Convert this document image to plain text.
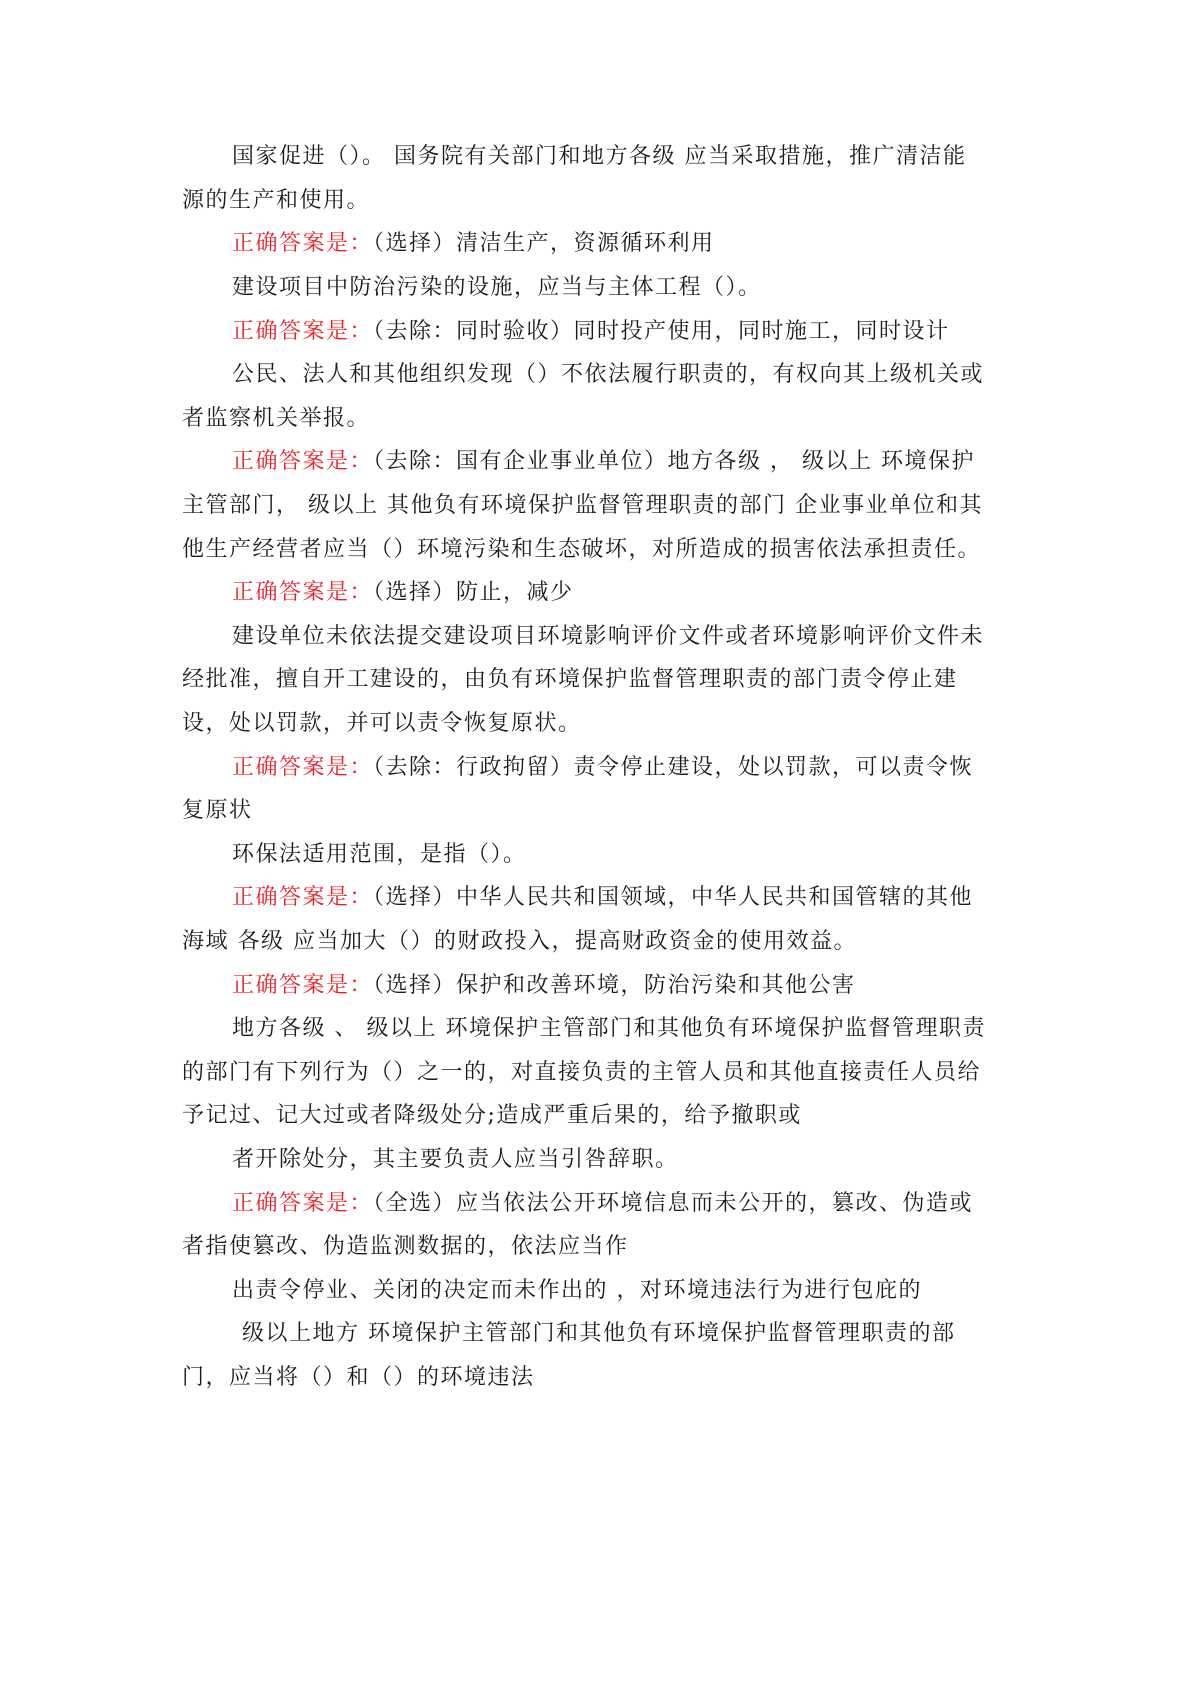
国家促进（）。 国务院有关部门和地方各级 应当采取措施，推广清洁能
源的生产和使用。
正确答案是：（选择）清洁生产，资源循环利用
建设项目中防治污染的设施，应当与主体工程（）。
正确答案是：（去除：同时验收）同时投产使用，同时施工，同时设计
公民、法人和其他组织发现（）不依法履行职责的，有权向其上级机关或
者监察机关举报。
正确答案是：（去除：国有企业事业单位）地方各级 ， 级以上 环境保护
主管部门， 级以上 其他负有环境保护监督管理职责的部门 企业事业单位和其
他生产经营者应当（）环境污染和生态破坏，对所造成的损害依法承担责任。
正确答案是：（选择）防止，减少
建设单位未依法提交建设项目环境影响评价文件或者环境影响评价文件未
经批准，擅自开工建设的，由负有环境保护监督管理职责的部门责令停止建
设，处以罚款，并可以责令恢复原状。
正确答案是：（去除：行政拘留）责令停止建设，处以罚款，可以责令恢
复原状
环保法适用范围，是指（）。
正确答案是：（选择）中华人民共和国领域，中华人民共和国管辖的其他
海域 各级 应当加大（）的财政投入，提高财政资金的使用效益。
正确答案是：（选择）保护和改善环境，防治污染和其他公害
地方各级 、 级以上 环境保护主管部门和其他负有环境保护监督管理职责
的部门有下列行为（）之一的，对直接负责的主管人员和其他直接责任人员给
予记过、记大过或者降级处分;造成严重后果的，给予撤职或
者开除处分，其主要负责人应当引咎辞职。
正确答案是：（全选）应当依法公开环境信息而未公开的，篡改、伪造或
者指使篡改、伪造监测数据的，依法应当作
出责令停业、关闭的决定而未作出的 ，对环境违法行为进行包庇的
级以上地方 环境保护主管部门和其他负有环境保护监督管理职责的部
门，应当将（）和（）的环境违法
